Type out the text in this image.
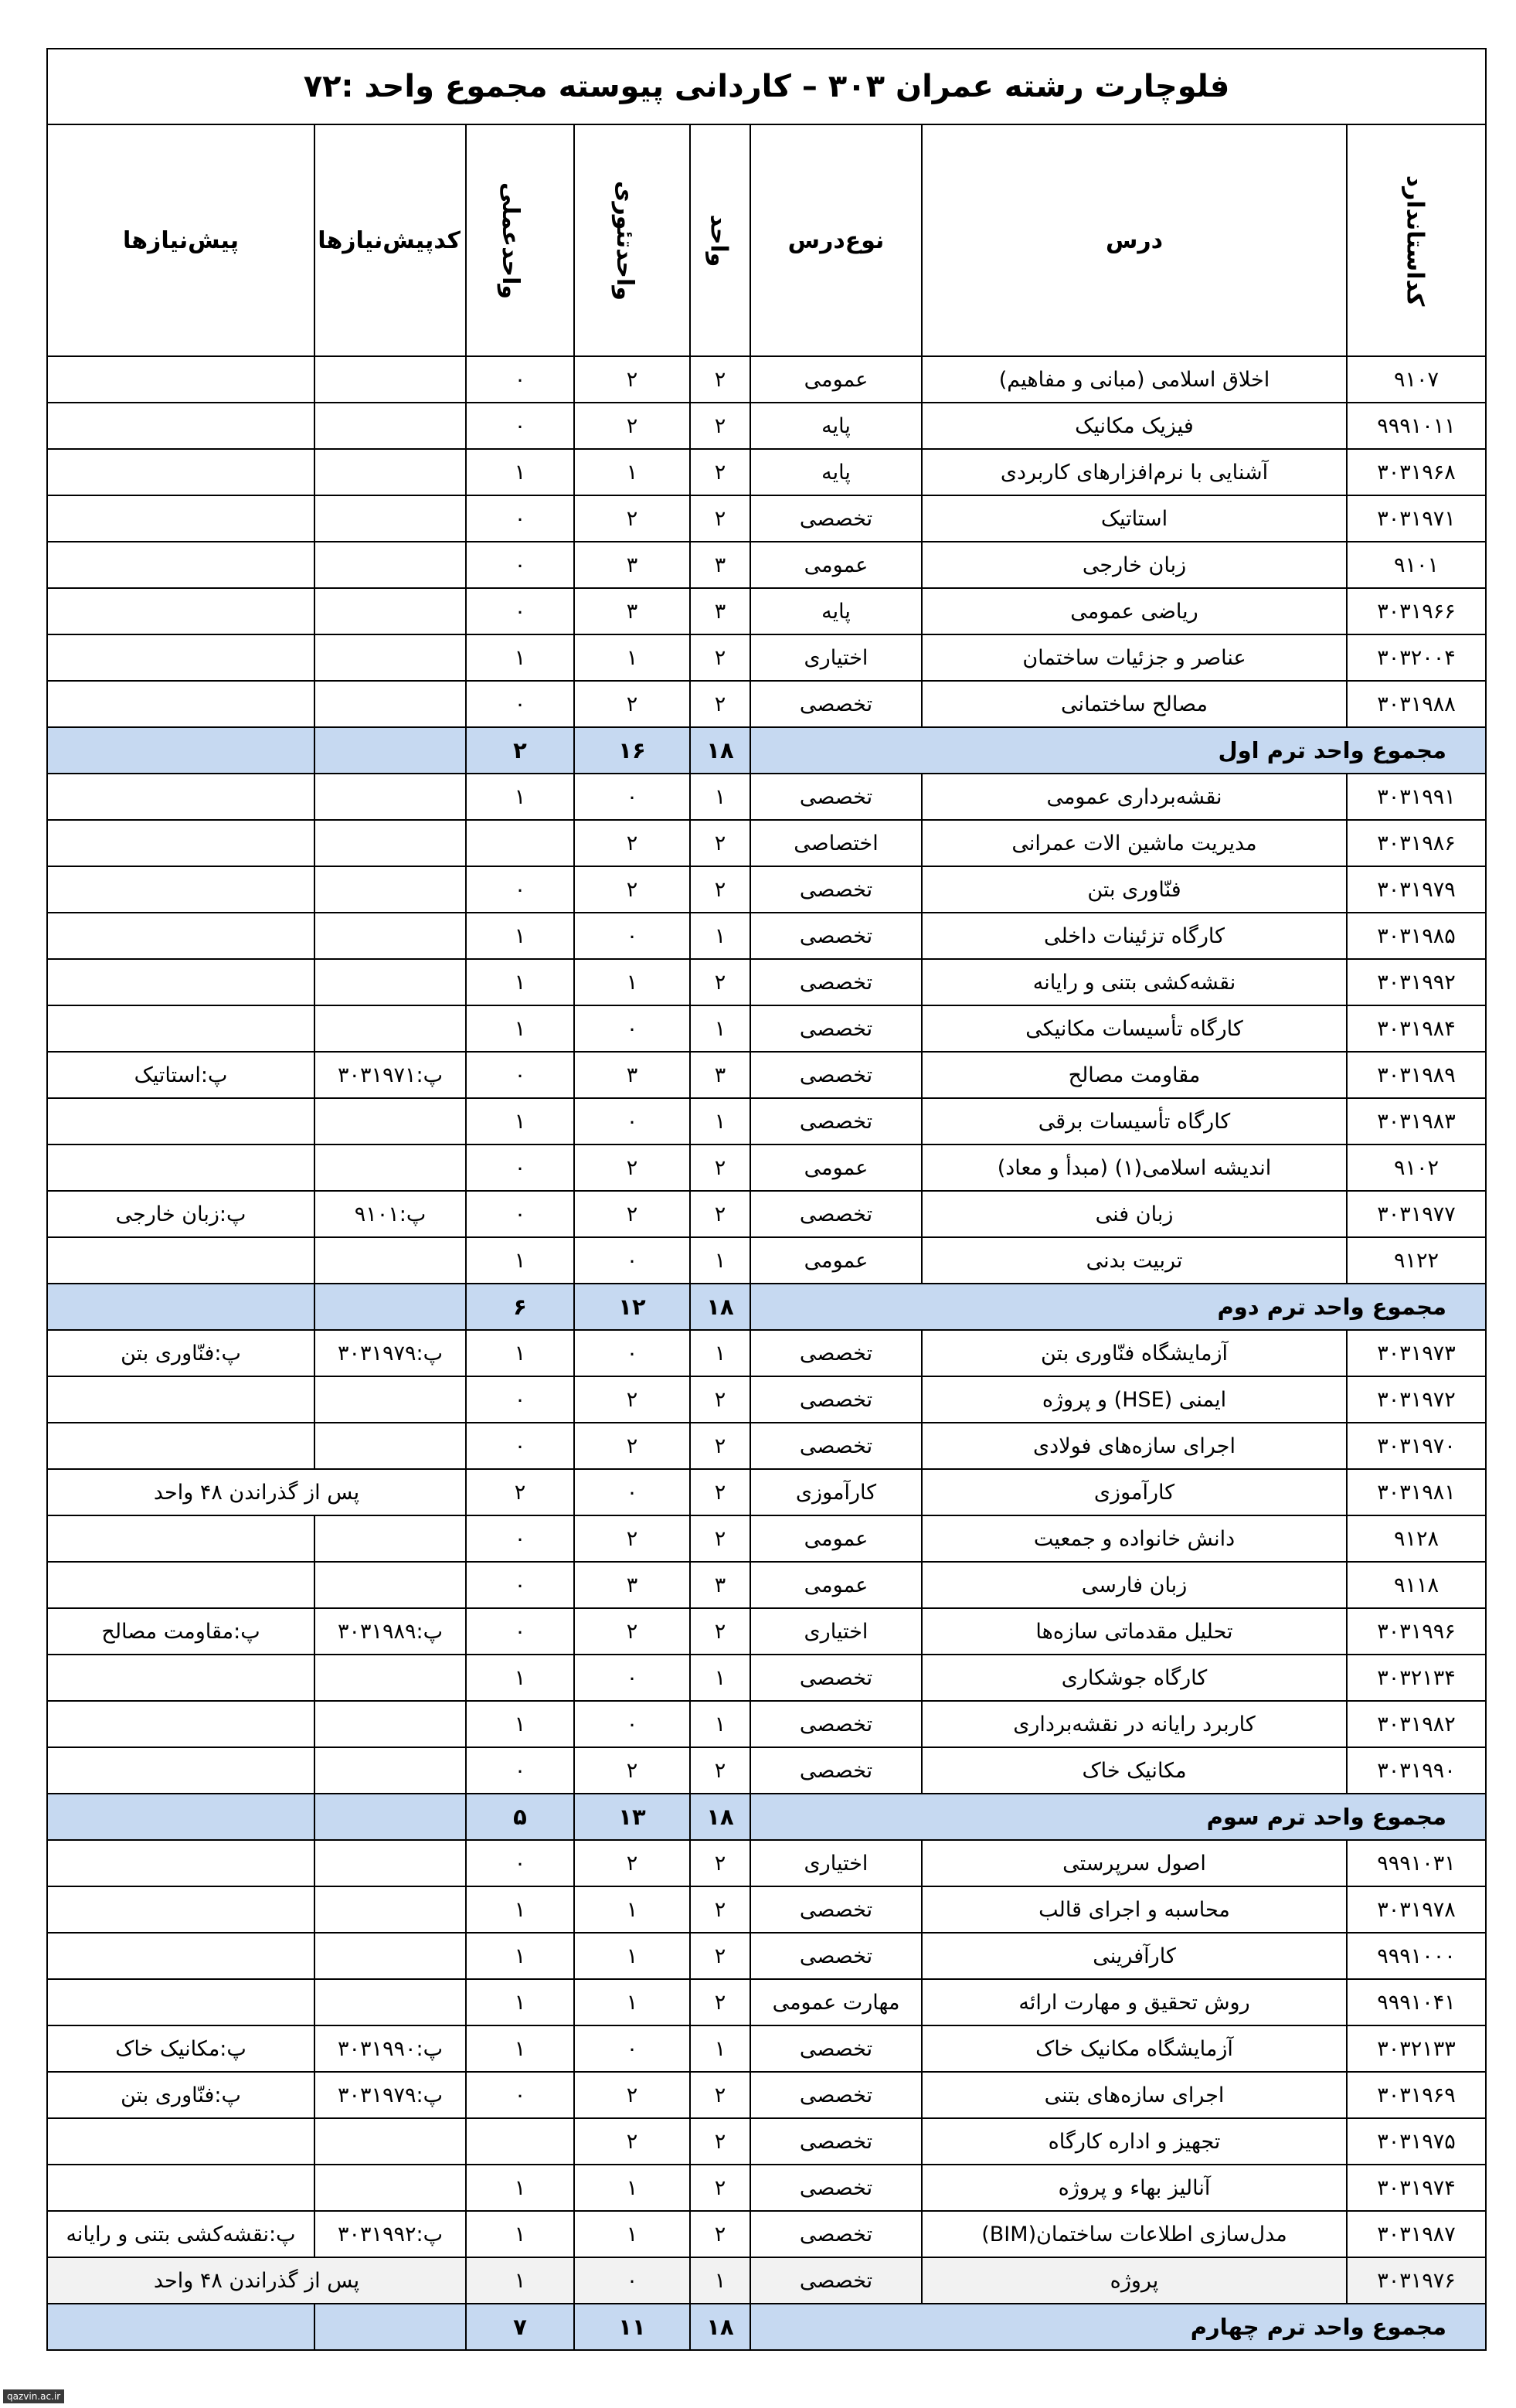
فلوچارت رشته عمران ۳۰۳ – کاردانی پیوسته مجموع واحد :۷۲							
کداستاندارد	درس	نوع‌درس	واحد	واحدتئوری	واحدعملی	کدپیش‌نیازها	پیش‌نیازها
۹۱۰۷	اخلاق اسلامی (مبانی و مفاهیم)	عمومی	۲	۲	۰		
۹۹۹۱۰۱۱	فیزیک مکانیک	پایه	۲	۲	۰		
۳۰۳۱۹۶۸	آشنایی با نرم‌افزارهای کاربردی	پایه	۲	۱	۱		
۳۰۳۱۹۷۱	استاتیک	تخصصی	۲	۲	۰		
۹۱۰۱	زبان خارجی	عمومی	۳	۳	۰		
۳۰۳۱۹۶۶	ریاضی عمومی	پایه	۳	۳	۰		
۳۰۳۲۰۰۴	عناصر و جزئیات ساختمان	اختیاری	۲	۱	۱		
۳۰۳۱۹۸۸	مصالح ساختمانی	تخصصی	۲	۲	۰		
مجموع واحد ترم اول			۱۸	۱۶	۲		
۳۰۳۱۹۹۱	نقشه‌برداری عمومی	تخصصی	۱	۰	۱		
۳۰۳۱۹۸۶	مدیریت ماشین الات عمرانی	اختصاصی	۲	۲			
۳۰۳۱۹۷۹	فنّاوری بتن	تخصصی	۲	۲	۰		
۳۰۳۱۹۸۵	کارگاه تزئینات داخلی	تخصصی	۱	۰	۱		
۳۰۳۱۹۹۲	نقشه‌کشی بتنی و رایانه	تخصصی	۲	۱	۱		
۳۰۳۱۹۸۴	کارگاه تأسیسات مکانیکی	تخصصی	۱	۰	۱		
۳۰۳۱۹۸۹	مقاومت مصالح	تخصصی	۳	۳	۰	پ:۳۰۳۱۹۷۱	پ:استاتیک
۳۰۳۱۹۸۳	کارگاه تأسیسات برقی	تخصصی	۱	۰	۱		
۹۱۰۲	اندیشه اسلامی(۱) (مبدأ و معاد)	عمومی	۲	۲	۰		
۳۰۳۱۹۷۷	زبان فنی	تخصصی	۲	۲	۰	پ:۹۱۰۱	پ:زبان خارجی
۹۱۲۲	تربیت بدنی	عمومی	۱	۰	۱		
مجموع واحد ترم دوم			۱۸	۱۲	۶		
۳۰۳۱۹۷۳	آزمایشگاه فنّاوری بتن	تخصصی	۱	۰	۱	پ:۳۰۳۱۹۷۹	پ:فنّاوری بتن
۳۰۳۱۹۷۲	ایمنی (HSE) و پروژه	تخصصی	۲	۲	۰		
۳۰۳۱۹۷۰	اجرای سازه‌های فولادی	تخصصی	۲	۲	۰		
۳۰۳۱۹۸۱	کارآموزی	کارآموزی	۲	۰	۲	پس از گذراندن ۴۸ واحد	
۹۱۲۸	دانش خانواده و جمعیت	عمومی	۲	۲	۰		
۹۱۱۸	زبان فارسی	عمومی	۳	۳	۰		
۳۰۳۱۹۹۶	تحلیل مقدماتی سازه‌ها	اختیاری	۲	۲	۰	پ:۳۰۳۱۹۸۹	پ:مقاومت مصالح
۳۰۳۲۱۳۴	کارگاه جوشکاری	تخصصی	۱	۰	۱		
۳۰۳۱۹۸۲	کاربرد رایانه در نقشه‌برداری	تخصصی	۱	۰	۱		
۳۰۳۱۹۹۰	مکانیک خاک	تخصصی	۲	۲	۰		
مجموع واحد ترم سوم			۱۸	۱۳	۵		
۹۹۹۱۰۳۱	اصول سرپرستی	اختیاری	۲	۲	۰		
۳۰۳۱۹۷۸	محاسبه و اجرای قالب	تخصصی	۲	۱	۱		
۹۹۹۱۰۰۰	کارآفرینی	تخصصی	۲	۱	۱		
۹۹۹۱۰۴۱	روش تحقیق و مهارت ارائه	مهارت عمومی	۲	۱	۱		
۳۰۳۲۱۳۳	آزمایشگاه مکانیک خاک	تخصصی	۱	۰	۱	پ:۳۰۳۱۹۹۰	پ:مکانیک خاک
۳۰۳۱۹۶۹	اجرای سازه‌های بتنی	تخصصی	۲	۲	۰	پ:۳۰۳۱۹۷۹	پ:فنّاوری بتن
۳۰۳۱۹۷۵	تجهیز و اداره کارگاه	تخصصی	۲	۲			
۳۰۳۱۹۷۴	آنالیز بهاء و پروژه	تخصصی	۲	۱	۱		
۳۰۳۱۹۸۷	مدل‌سازی اطلاعات ساختمان(BIM)	تخصصی	۲	۱	۱	پ:۳۰۳۱۹۹۲	پ:نقشه‌کشی بتنی و رایانه
۳۰۳۱۹۷۶	پروژه	تخصصی	۱	۰	۱	پس از گذراندن ۴۸ واحد	
مجموع واحد ترم چهارم			۱۸	۱۱	۷		
qazvin.ac.ir
